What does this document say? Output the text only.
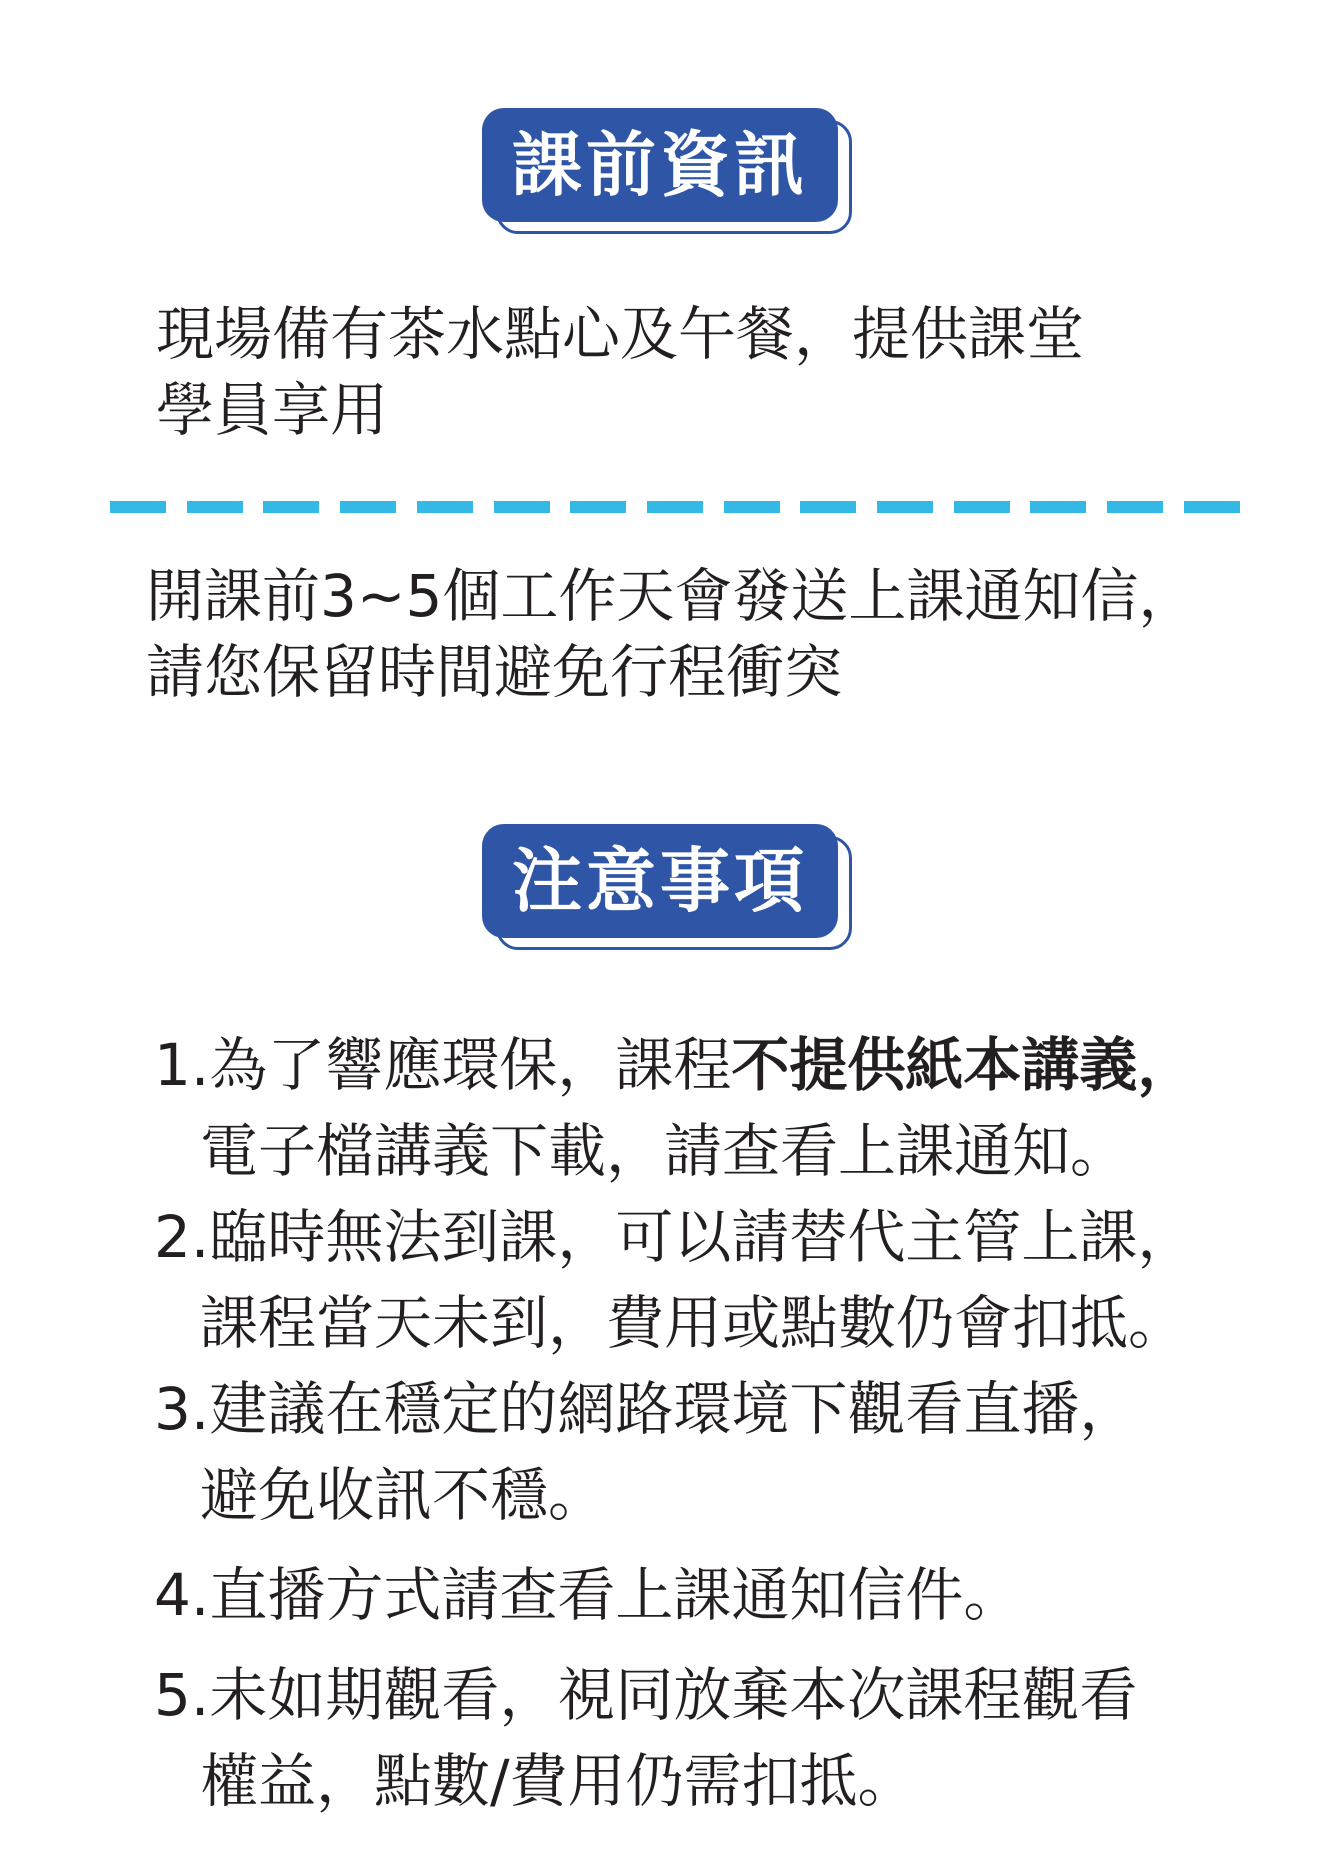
課前資訊
現場備有茶水點心及午餐，提供課堂
學員享用
開課前3~5個工作天會發送上課通知信，
請您保留時間避免行程衝突
注意事項
1.為了響應環保，課程不提供紙本講義，
電子檔講義下載，請查看上課通知。
2.臨時無法到課，可以請替代主管上課，
課程當天未到，費用或點數仍會扣抵。
3.建議在穩定的網路環境下觀看直播，
避免收訊不穩。
4.直播方式請查看上課通知信件。
5.未如期觀看，視同放棄本次課程觀看
權益，點數/費用仍需扣抵。
